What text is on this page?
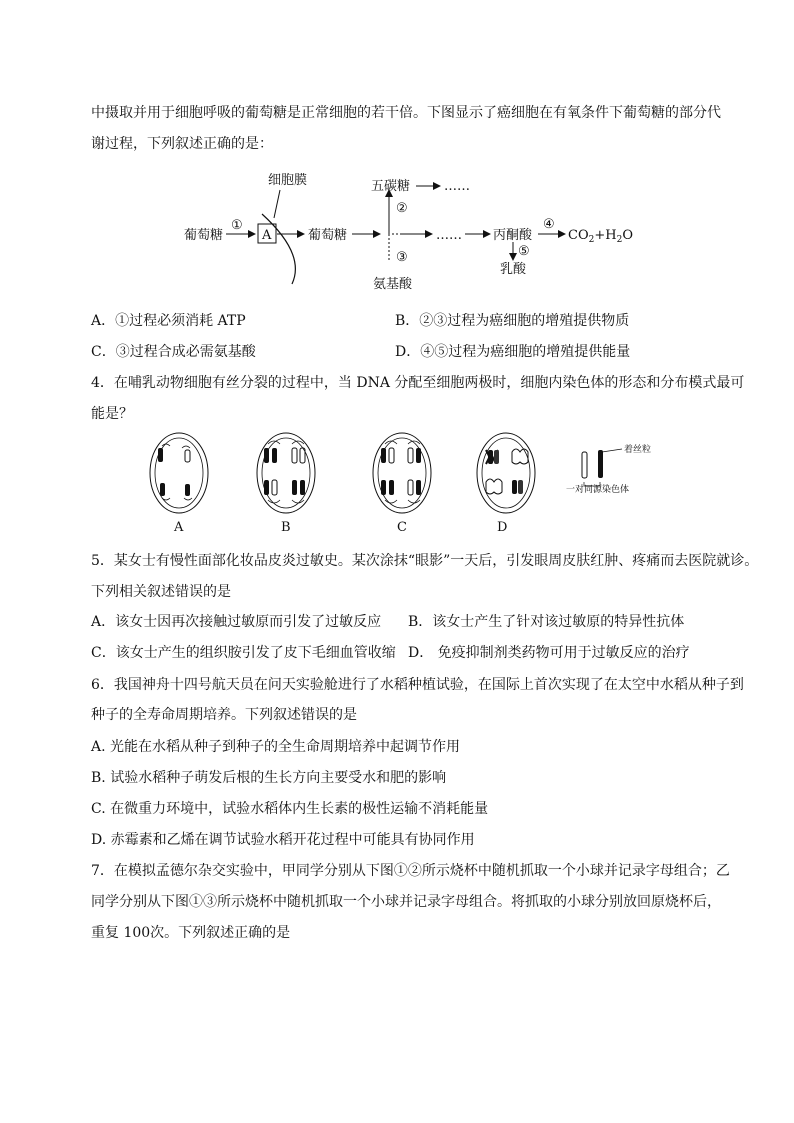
中摄取并用于细胞呼吸的葡萄糖是正常细胞的若干倍。下图显示了癌细胞在有氧条件下葡萄糖的部分代
谢过程，下列叙述正确的是：
细胞膜
葡萄糖
①
A	葡萄糖
②
③
五碳糖	……
氨基酸
…… 丙酮酸
④
$CO_2+H_2O$
⑤
乳酸
A．①过程必须消耗 ATP	B．②③过程为癌细胞的增殖提供物质
C．③过程合成必需氨基酸	D．④⑤过程为癌细胞的增殖提供能量
4．在哺乳动物细胞有丝分裂的过程中，当 DNA 分配至细胞两极时，细胞内染色体的形态和分布模式最可
能是？
着丝粒
一对同源染色体
A	B	C	D
5．某女士有慢性面部化妆品皮炎过敏史。某次涂抹“眼影”一天后，引发眼周皮肤红肿、疼痛而去医院就诊。
下列相关叙述错误的是
A．该女士因再次接触过敏原而引发了过敏反应 B．该女士产生了针对该过敏原的特异性抗体
C．该女士产生的组织胺引发了皮下毛细血管收缩 D． 免疫抑制剂类药物可用于过敏反应的治疗
6．我国神舟十四号航天员在问天实验舱进行了水稻种植试验，在国际上首次实现了在太空中水稻从种子到
种子的全寿命周期培养。下列叙述错误的是
A. 光能在水稻从种子到种子的全生命周期培养中起调节作用
B. 试验水稻种子萌发后根的生长方向主要受水和肥的影响
C. 在微重力环境中，试验水稻体内生长素的极性运输不消耗能量
D. 赤霉素和乙烯在调节试验水稻开花过程中可能具有协同作用
7．在模拟孟德尔杂交实验中，甲同学分别从下图①②所示烧杯中随机抓取一个小球并记录字母组合；乙
同学分别从下图①③所示烧杯中随机抓取一个小球并记录字母组合。将抓取的小球分别放回原烧杯后，
重复 100次。下列叙述正确的是
